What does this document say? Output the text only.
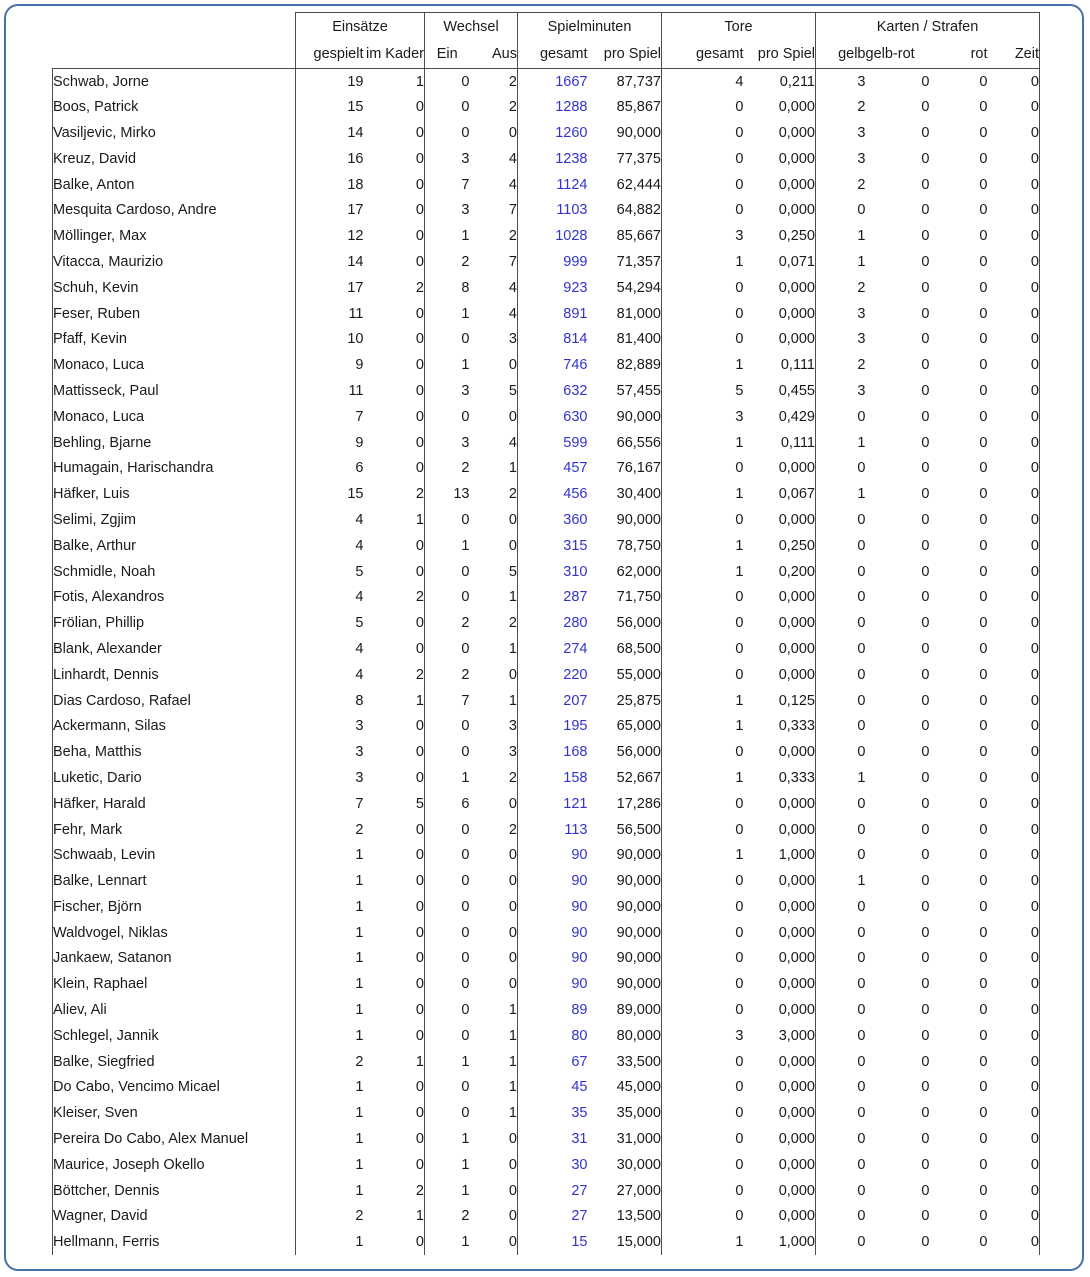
	Einsätze		Wechsel		Spielminuten		Tore		Karten / Strafen			
	gespielt	im Kader	Ein	Aus	gesamt	pro Spiel	gesamt	pro Spiel	gelb	gelb-rot	rot	Zeit
Schwab, Jorne	19	1	0	2	1667	87,737	4	0,211	3	0	0	0
Boos, Patrick	15	0	0	2	1288	85,867	0	0,000	2	0	0	0
Vasiljevic, Mirko	14	0	0	0	1260	90,000	0	0,000	3	0	0	0
Kreuz, David	16	0	3	4	1238	77,375	0	0,000	3	0	0	0
Balke, Anton	18	0	7	4	1124	62,444	0	0,000	2	0	0	0
Mesquita Cardoso, Andre	17	0	3	7	1103	64,882	0	0,000	0	0	0	0
Möllinger, Max	12	0	1	2	1028	85,667	3	0,250	1	0	0	0
Vitacca, Maurizio	14	0	2	7	999	71,357	1	0,071	1	0	0	0
Schuh, Kevin	17	2	8	4	923	54,294	0	0,000	2	0	0	0
Feser, Ruben	11	0	1	4	891	81,000	0	0,000	3	0	0	0
Pfaff, Kevin	10	0	0	3	814	81,400	0	0,000	3	0	0	0
Monaco, Luca	9	0	1	0	746	82,889	1	0,111	2	0	0	0
Mattisseck, Paul	11	0	3	5	632	57,455	5	0,455	3	0	0	0
Monaco, Luca	7	0	0	0	630	90,000	3	0,429	0	0	0	0
Behling, Bjarne	9	0	3	4	599	66,556	1	0,111	1	0	0	0
Humagain, Harischandra	6	0	2	1	457	76,167	0	0,000	0	0	0	0
Häfker, Luis	15	2	13	2	456	30,400	1	0,067	1	0	0	0
Selimi, Zgjim	4	1	0	0	360	90,000	0	0,000	0	0	0	0
Balke, Arthur	4	0	1	0	315	78,750	1	0,250	0	0	0	0
Schmidle, Noah	5	0	0	5	310	62,000	1	0,200	0	0	0	0
Fotis, Alexandros	4	2	0	1	287	71,750	0	0,000	0	0	0	0
Frölian, Phillip	5	0	2	2	280	56,000	0	0,000	0	0	0	0
Blank, Alexander	4	0	0	1	274	68,500	0	0,000	0	0	0	0
Linhardt, Dennis	4	2	2	0	220	55,000	0	0,000	0	0	0	0
Dias Cardoso, Rafael	8	1	7	1	207	25,875	1	0,125	0	0	0	0
Ackermann, Silas	3	0	0	3	195	65,000	1	0,333	0	0	0	0
Beha, Matthis	3	0	0	3	168	56,000	0	0,000	0	0	0	0
Luketic, Dario	3	0	1	2	158	52,667	1	0,333	1	0	0	0
Häfker, Harald	7	5	6	0	121	17,286	0	0,000	0	0	0	0
Fehr, Mark	2	0	0	2	113	56,500	0	0,000	0	0	0	0
Schwaab, Levin	1	0	0	0	90	90,000	1	1,000	0	0	0	0
Balke, Lennart	1	0	0	0	90	90,000	0	0,000	1	0	0	0
Fischer, Björn	1	0	0	0	90	90,000	0	0,000	0	0	0	0
Waldvogel, Niklas	1	0	0	0	90	90,000	0	0,000	0	0	0	0
Jankaew, Satanon	1	0	0	0	90	90,000	0	0,000	0	0	0	0
Klein, Raphael	1	0	0	0	90	90,000	0	0,000	0	0	0	0
Aliev, Ali	1	0	0	1	89	89,000	0	0,000	0	0	0	0
Schlegel, Jannik	1	0	0	1	80	80,000	3	3,000	0	0	0	0
Balke, Siegfried	2	1	1	1	67	33,500	0	0,000	0	0	0	0
Do Cabo, Vencimo Micael	1	0	0	1	45	45,000	0	0,000	0	0	0	0
Kleiser, Sven	1	0	0	1	35	35,000	0	0,000	0	0	0	0
Pereira Do Cabo, Alex Manuel	1	0	1	0	31	31,000	0	0,000	0	0	0	0
Maurice, Joseph Okello	1	0	1	0	30	30,000	0	0,000	0	0	0	0
Böttcher, Dennis	1	2	1	0	27	27,000	0	0,000	0	0	0	0
Wagner, David	2	1	2	0	27	13,500	0	0,000	0	0	0	0
Hellmann, Ferris	1	0	1	0	15	15,000	1	1,000	0	0	0	0
